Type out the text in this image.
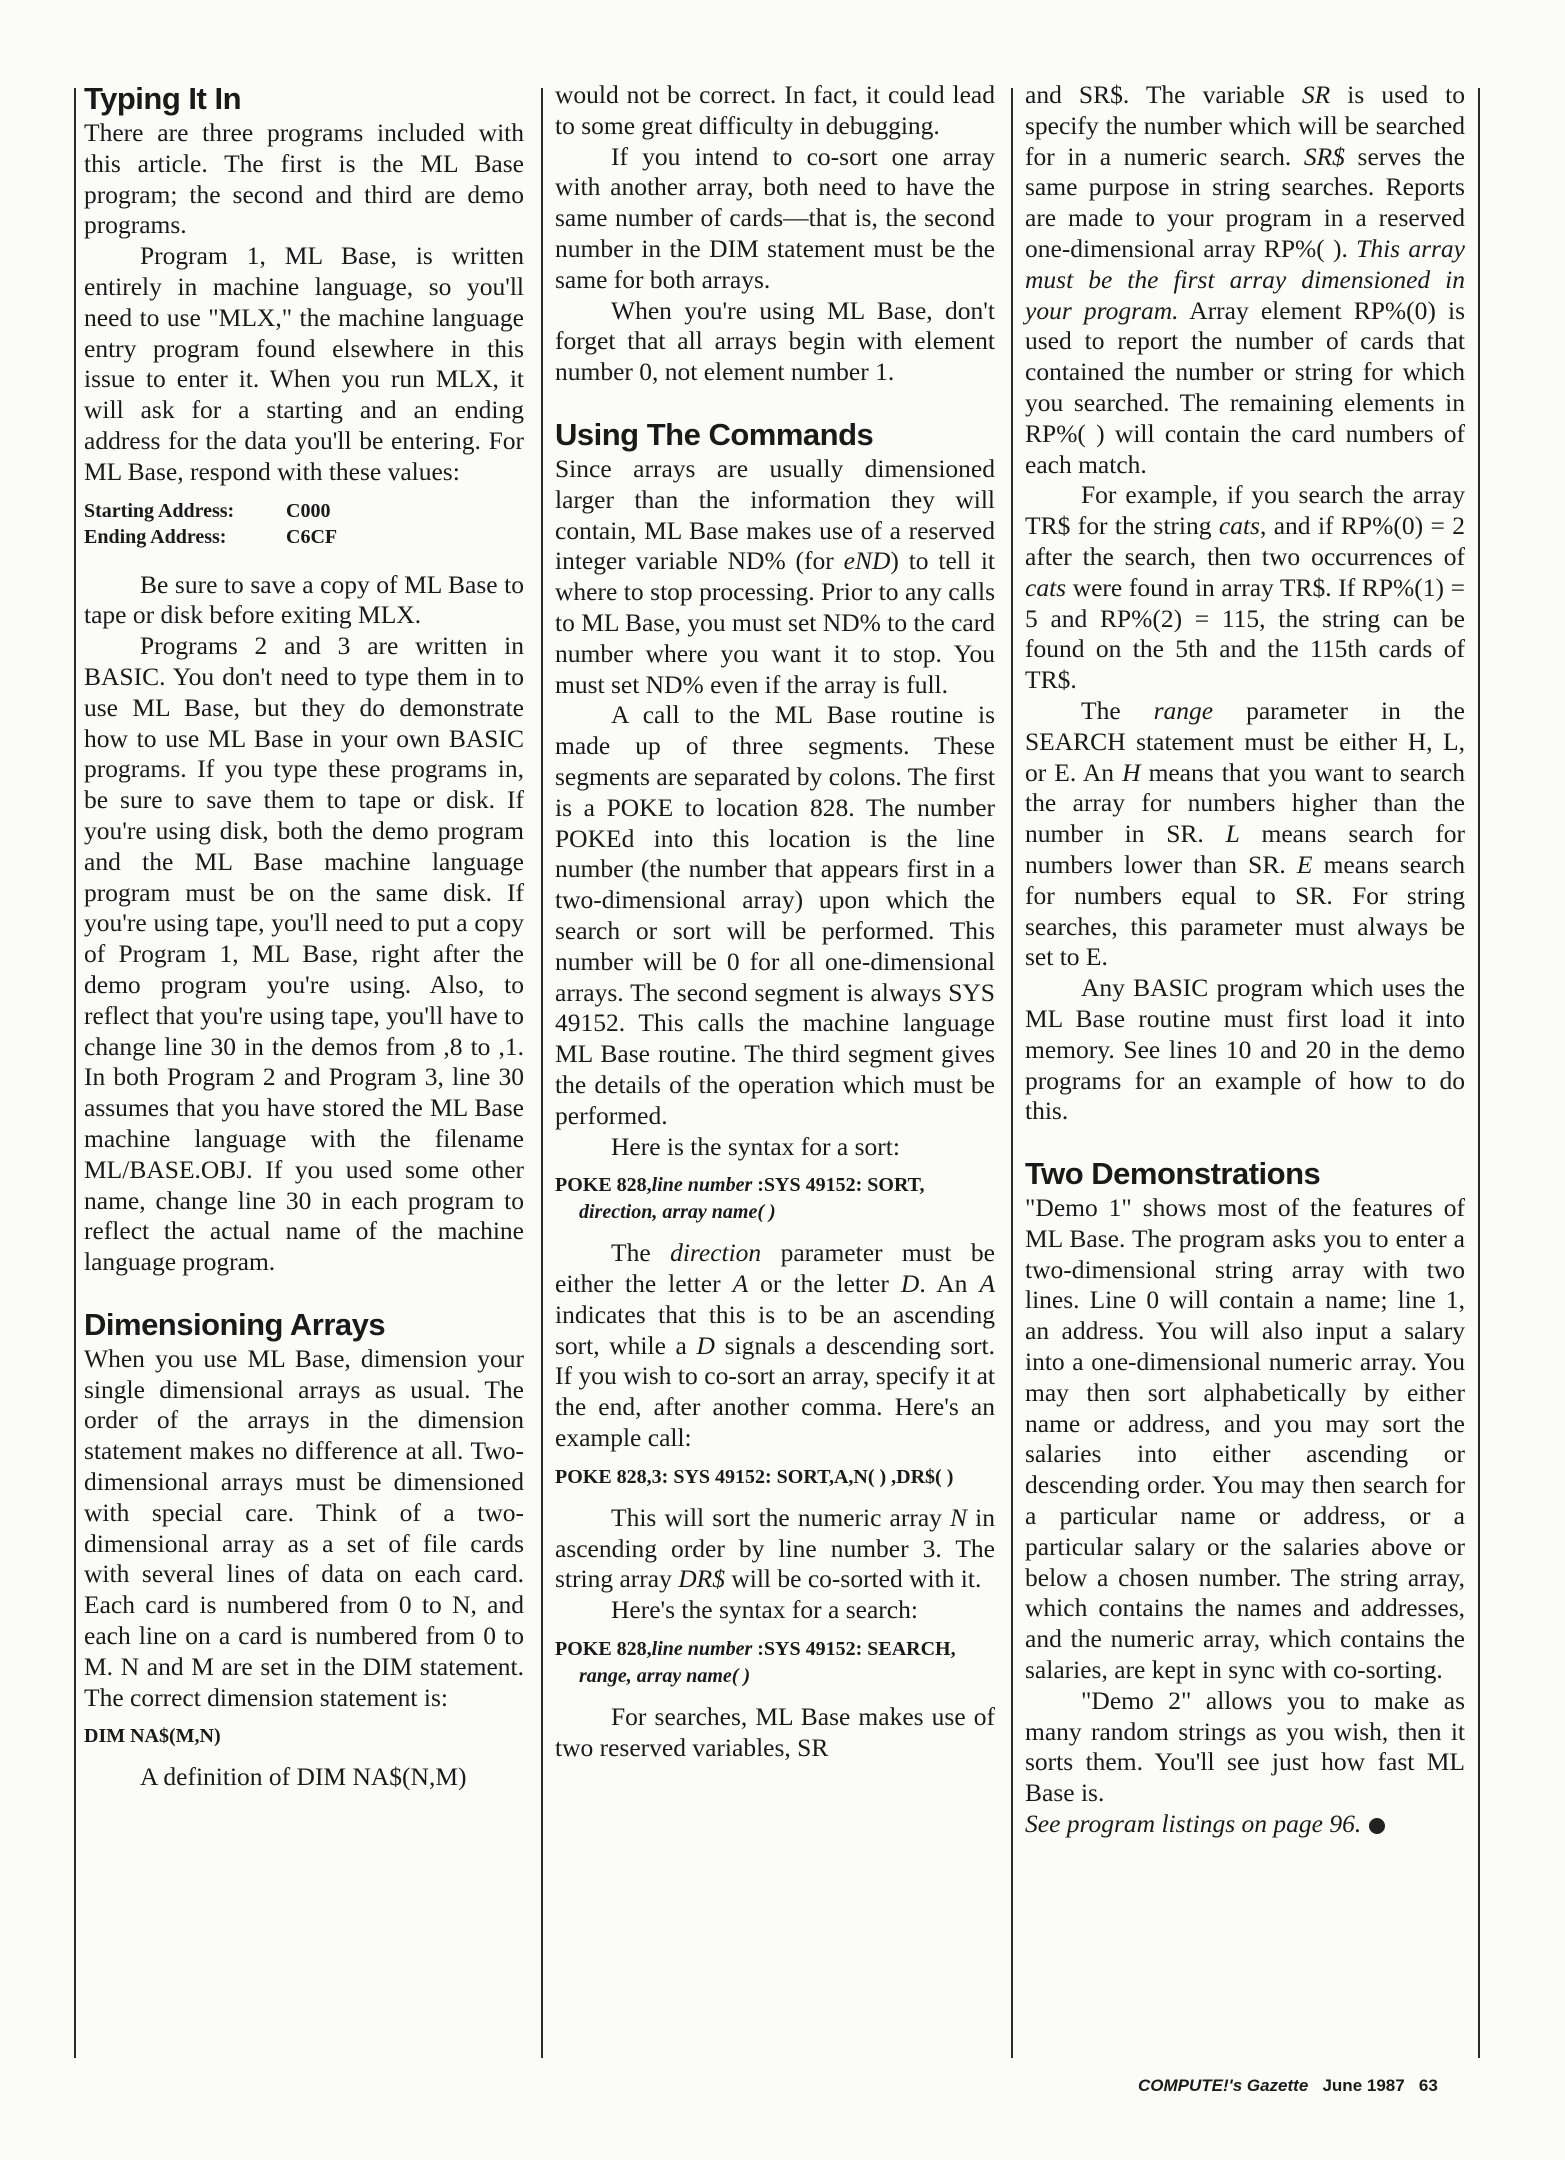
Typing It In

There are three programs included with this article. The first is the ML Base program; the second and third are demo programs.

Program 1, ML Base, is written entirely in machine language, so you'll need to use "MLX," the machine language entry program found elsewhere in this issue to enter it. When you run MLX, it will ask for a starting and an ending address for the data you'll be entering. For ML Base, respond with these values:

Starting Address:	C000
Ending Address:	C6CF

Be sure to save a copy of ML Base to tape or disk before exiting MLX.

Programs 2 and 3 are written in BASIC. You don't need to type them in to use ML Base, but they do demonstrate how to use ML Base in your own BASIC programs. If you type these programs in, be sure to save them to tape or disk. If you're using disk, both the demo program and the ML Base machine language program must be on the same disk. If you're using tape, you'll need to put a copy of Program 1, ML Base, right after the demo program you're using. Also, to reflect that you're using tape, you'll have to change line 30 in the demos from ,8 to ,1. In both Program 2 and Program 3, line 30 assumes that you have stored the ML Base machine language with the filename ML/BASE.OBJ. If you used some other name, change line 30 in each program to reflect the actual name of the machine language program.

Dimensioning Arrays

When you use ML Base, dimension your single dimensional arrays as usual. The order of the arrays in the dimension statement makes no difference at all. Two-dimensional arrays must be dimensioned with special care. Think of a two-dimensional array as a set of file cards with several lines of data on each card. Each card is numbered from 0 to N, and each line on a card is numbered from 0 to M. N and M are set in the DIM statement. The correct dimension statement is:

DIM NA$(M,N)

A definition of DIM NA$(N,M)

would not be correct. In fact, it could lead to some great difficulty in debugging.

If you intend to co-sort one array with another array, both need to have the same number of cards—that is, the second number in the DIM statement must be the same for both arrays.

When you're using ML Base, don't forget that all arrays begin with element number 0, not element number 1.

Using The Commands

Since arrays are usually dimensioned larger than the information they will contain, ML Base makes use of a reserved integer variable ND% (for eND) to tell it where to stop processing. Prior to any calls to ML Base, you must set ND% to the card number where you want it to stop. You must set ND% even if the array is full.

A call to the ML Base routine is made up of three segments. These segments are separated by colons. The first is a POKE to location 828. The number POKEd into this location is the line number (the number that appears first in a two-dimensional array) upon which the search or sort will be performed. This number will be 0 for all one-dimensional arrays. The second segment is always SYS 49152. This calls the machine language ML Base routine. The third segment gives the details of the operation which must be performed.

Here is the syntax for a sort:

POKE 828,line number :SYS 49152: SORT, direction, array name( )

The direction parameter must be either the letter A or the letter D. An A indicates that this is to be an ascending sort, while a D signals a descending sort. If you wish to co-sort an array, specify it at the end, after another comma. Here's an example call:

POKE 828,3: SYS 49152: SORT,A,N( ) ,DR$( )

This will sort the numeric array N in ascending order by line number 3. The string array DR$ will be co-sorted with it.

Here's the syntax for a search:

POKE 828,line number :SYS 49152: SEARCH, range, array name( )

For searches, ML Base makes use of two reserved variables, SR

and SR$. The variable SR is used to specify the number which will be searched for in a numeric search. SR$ serves the same purpose in string searches. Reports are made to your program in a reserved one-dimensional array RP%( ). This array must be the first array dimensioned in your program. Array element RP%(0) is used to report the number of cards that contained the number or string for which you searched. The remaining elements in RP%( ) will contain the card numbers of each match.

For example, if you search the array TR$ for the string cats, and if RP%(0) = 2 after the search, then two occurrences of cats were found in array TR$. If RP%(1) = 5 and RP%(2) = 115, the string can be found on the 5th and the 115th cards of TR$.

The range parameter in the SEARCH statement must be either H, L, or E. An H means that you want to search the array for numbers higher than the number in SR. L means search for numbers lower than SR. E means search for numbers equal to SR. For string searches, this parameter must always be set to E.

Any BASIC program which uses the ML Base routine must first load it into memory. See lines 10 and 20 in the demo programs for an example of how to do this.

Two Demonstrations

"Demo 1" shows most of the features of ML Base. The program asks you to enter a two-dimensional string array with two lines. Line 0 will contain a name; line 1, an address. You will also input a salary into a one-dimensional numeric array. You may then sort alphabetically by either name or address, and you may sort the salaries into either ascending or descending order. You may then search for a particular name or address, or a particular salary or the salaries above or below a chosen number. The string array, which contains the names and addresses, and the numeric array, which contains the salaries, are kept in sync with co-sorting.

"Demo 2" allows you to make as many random strings as you wish, then it sorts them. You'll see just how fast ML Base is.

See program listings on page 96.

COMPUTE!'s Gazette June 1987 63
